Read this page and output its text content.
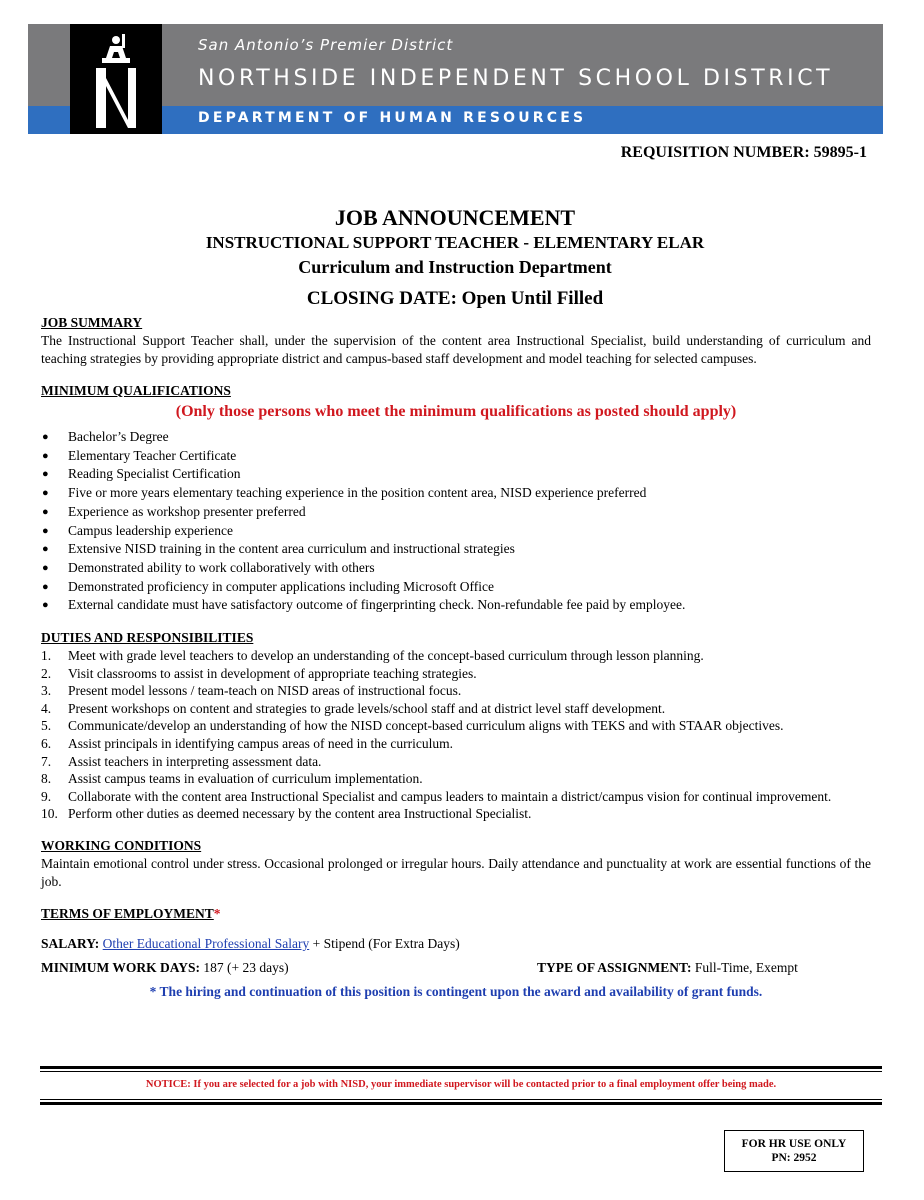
San Antonio’s Premier District
NORTHSIDE INDEPENDENT SCHOOL DISTRICT
DEPARTMENT OF HUMAN RESOURCES
REQUISITION NUMBER: 59895-1
JOB ANNOUNCEMENT
INSTRUCTIONAL SUPPORT TEACHER - ELEMENTARY ELAR
Curriculum and Instruction Department
CLOSING DATE: Open Until Filled
JOB SUMMARY

The Instructional Support Teacher shall, under the supervision of the content area Instructional Specialist, build understanding of curriculum and teaching strategies by providing appropriate district and campus-based staff development and model teaching for selected campuses.

MINIMUM QUALIFICATIONS
(Only those persons who meet the minimum qualifications as posted should apply)
● Bachelor’s Degree
● Elementary Teacher Certificate
● Reading Specialist Certification
● Five or more years elementary teaching experience in the position content area, NISD experience preferred
● Experience as workshop presenter preferred
● Campus leadership experience
● Extensive NISD training in the content area curriculum and instructional strategies
● Demonstrated ability to work collaboratively with others
● Demonstrated proficiency in computer applications including Microsoft Office
● External candidate must have satisfactory outcome of fingerprinting check. Non-refundable fee paid by employee.
DUTIES AND RESPONSIBILITIES
1. Meet with grade level teachers to develop an understanding of the concept-based curriculum through lesson planning.
2. Visit classrooms to assist in development of appropriate teaching strategies.
3. Present model lessons / team-teach on NISD areas of instructional focus.
4. Present workshops on content and strategies to grade levels/school staff and at district level staff development.
5. Communicate/develop an understanding of how the NISD concept-based curriculum aligns with TEKS and with STAAR objectives.
6. Assist principals in identifying campus areas of need in the curriculum.
7. Assist teachers in interpreting assessment data.
8. Assist campus teams in evaluation of curriculum implementation.
9. Collaborate with the content area Instructional Specialist and campus leaders to maintain a district/campus vision for continual improvement.
10. Perform other duties as deemed necessary by the content area Instructional Specialist.
WORKING CONDITIONS

Maintain emotional control under stress. Occasional prolonged or irregular hours. Daily attendance and punctuality at work are essential functions of the job.

TERMS OF EMPLOYMENT*
SALARY: Other Educational Professional Salary + Stipend (For Extra Days)
MINIMUM WORK DAYS: 187 (+ 23 days)	TYPE OF ASSIGNMENT: Full-Time, Exempt
* The hiring and continuation of this position is contingent upon the award and availability of grant funds.
NOTICE: If you are selected for a job with NISD, your immediate supervisor will be contacted prior to a final employment offer being made.
FOR HR USE ONLY
PN: 2952
